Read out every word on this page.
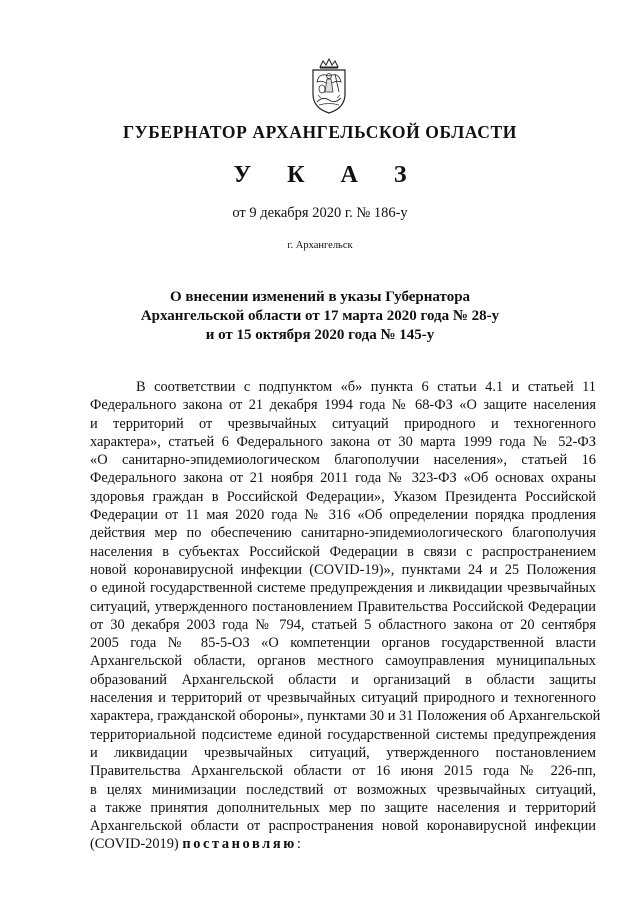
ГУБЕРНАТОР АРХАНГЕЛЬСКОЙ ОБЛАСТИ
У К А З
от 9 декабря 2020 г. № 186-у
г. Архангельск
О внесении изменений в указы Губернатора
Архангельской области от 17 марта 2020 года № 28-у
и от 15 октября 2020 года № 145-у
В соответствии с подпунктом «б» пункта 6 статьи 4.1 и статьей 11
Федерального закона от 21 декабря 1994 года № 68-ФЗ «О защите населения
и территорий от чрезвычайных ситуаций природного и техногенного
характера», статьей 6 Федерального закона от 30 марта 1999 года № 52-ФЗ
«О санитарно-эпидемиологическом благополучии населения», статьей 16
Федерального закона от 21 ноября 2011 года № 323-ФЗ «Об основах охраны
здоровья граждан в Российской Федерации», Указом Президента Российской
Федерации от 11 мая 2020 года № 316 «Об определении порядка продления
действия мер по обеспечению санитарно-эпидемиологического благополучия
населения в субъектах Российской Федерации в связи с распространением
новой коронавирусной инфекции (COVID-19)», пунктами 24 и 25 Положения
о единой государственной системе предупреждения и ликвидации чрезвычайных
ситуаций, утвержденного постановлением Правительства Российской Федерации
от 30 декабря 2003 года № 794, статьей 5 областного закона от 20 сентября
2005 года № 85-5-ОЗ «О компетенции органов государственной власти
Архангельской области, органов местного самоуправления муниципальных
образований Архангельской области и организаций в области защиты
населения и территорий от чрезвычайных ситуаций природного и техногенного
характера, гражданской обороны», пунктами 30 и 31 Положения об Архангельской
территориальной подсистеме единой государственной системы предупреждения
и ликвидации чрезвычайных ситуаций, утвержденного постановлением
Правительства Архангельской области от 16 июня 2015 года № 226-пп,
в целях минимизации последствий от возможных чрезвычайных ситуаций,
а также принятия дополнительных мер по защите населения и территорий
Архангельской области от распространения новой коронавирусной инфекции
(COVID-2019) постановляю:
